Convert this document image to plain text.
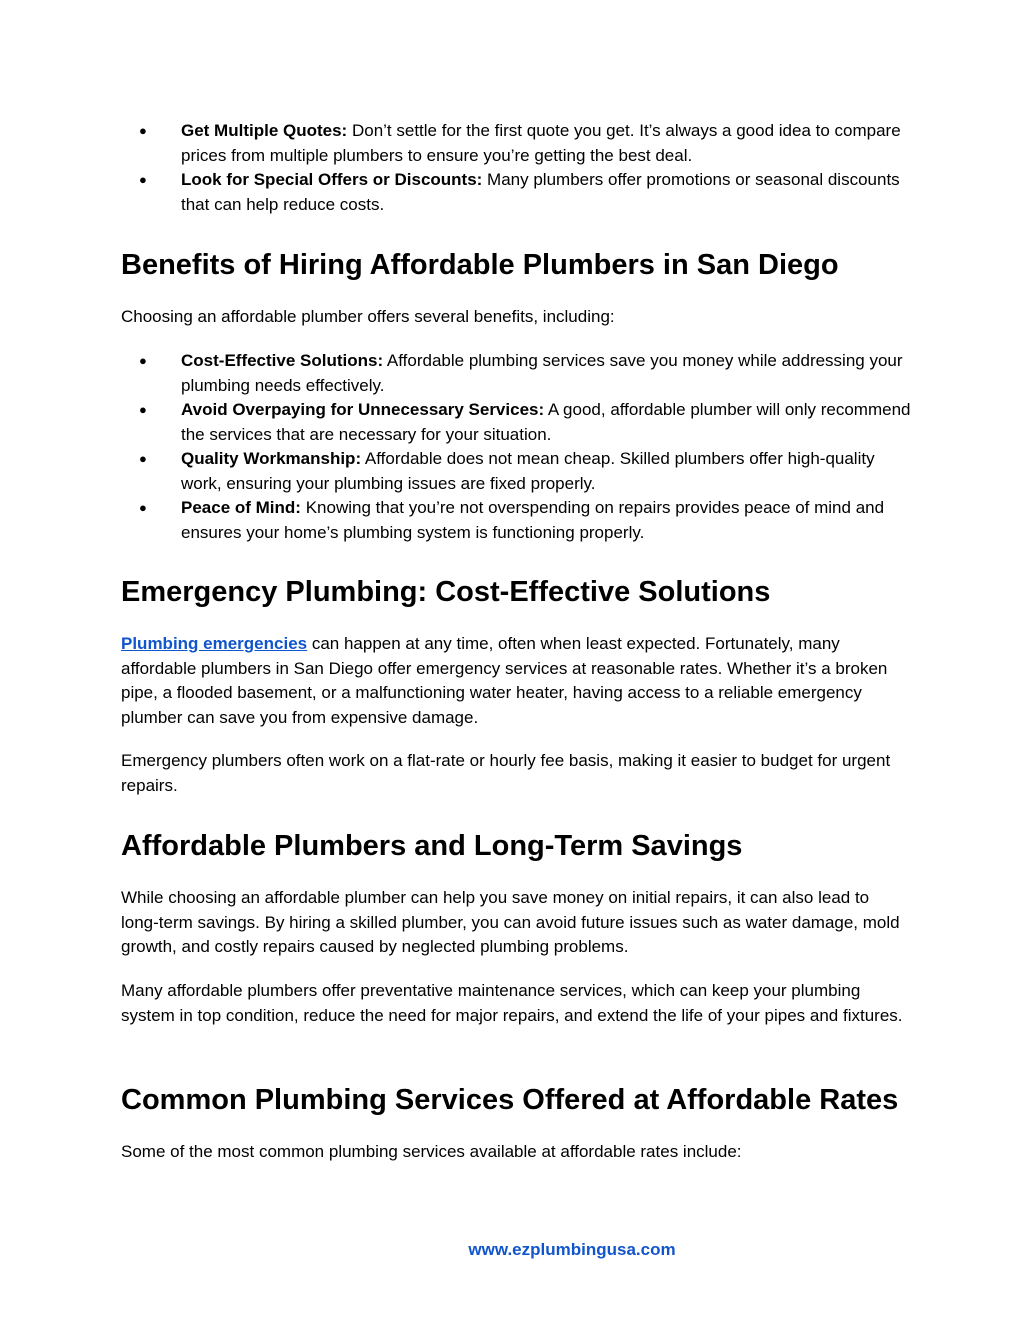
● Get Multiple Quotes: Don’t settle for the first quote you get. It’s always a good idea to compare prices from multiple plumbers to ensure you’re getting the best deal.
● Look for Special Offers or Discounts: Many plumbers offer promotions or seasonal discounts that can help reduce costs.
Benefits of Hiring Affordable Plumbers in San Diego

Choosing an affordable plumber offers several benefits, including:

● Cost-Effective Solutions: Affordable plumbing services save you money while addressing your plumbing needs effectively.
● Avoid Overpaying for Unnecessary Services: A good, affordable plumber will only recommend the services that are necessary for your situation.
● Quality Workmanship: Affordable does not mean cheap. Skilled plumbers offer high-quality work, ensuring your plumbing issues are fixed properly.
● Peace of Mind: Knowing that you’re not overspending on repairs provides peace of mind and ensures your home’s plumbing system is functioning properly.
Emergency Plumbing: Cost-Effective Solutions

Plumbing emergencies can happen at any time, often when least expected. Fortunately, many affordable plumbers in San Diego offer emergency services at reasonable rates. Whether it’s a broken pipe, a flooded basement, or a malfunctioning water heater, having access to a reliable emergency plumber can save you from expensive damage.

Emergency plumbers often work on a flat-rate or hourly fee basis, making it easier to budget for urgent repairs.

Affordable Plumbers and Long-Term Savings

While choosing an affordable plumber can help you save money on initial repairs, it can also lead to long-term savings. By hiring a skilled plumber, you can avoid future issues such as water damage, mold growth, and costly repairs caused by neglected plumbing problems.

Many affordable plumbers offer preventative maintenance services, which can keep your plumbing system in top condition, reduce the need for major repairs, and extend the life of your pipes and fixtures.

Common Plumbing Services Offered at Affordable Rates

Some of the most common plumbing services available at affordable rates include:

www.ezplumbingusa.com
